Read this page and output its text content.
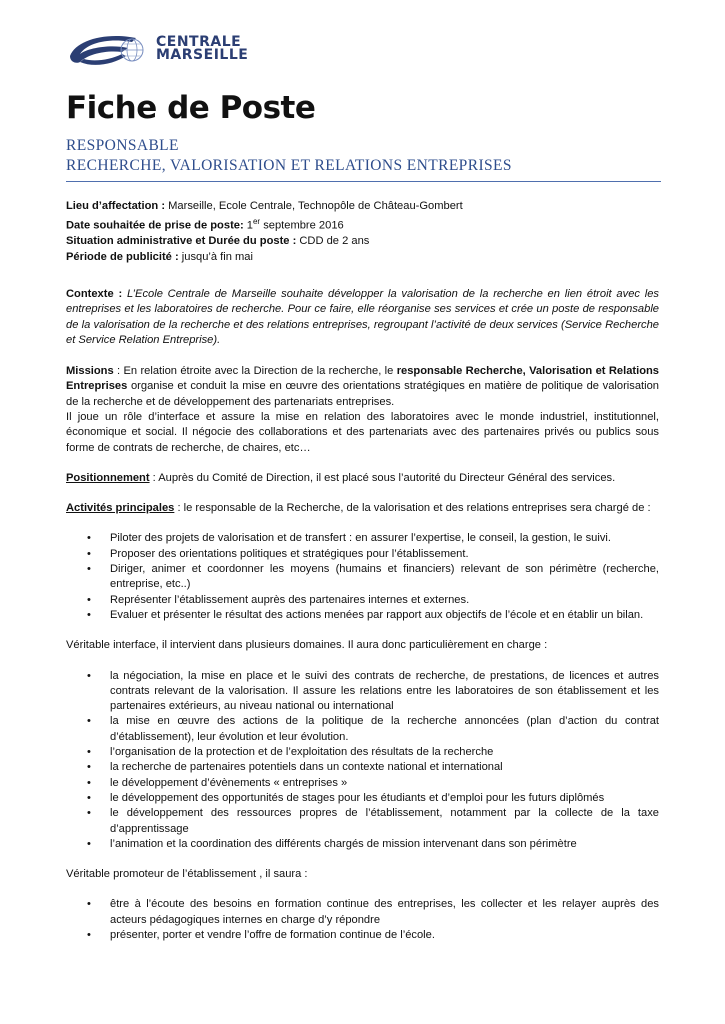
CENTRALE
MARSEILLE
Fiche de Poste
RESPONSABLE
RECHERCHE, VALORISATION ET RELATIONS ENTREPRISES

Lieu d’affectation : Marseille, Ecole Centrale, Technopôle de Château-Gombert

Date souhaitée de prise de poste: 1er septembre 2016

Situation administrative et Durée du poste : CDD de 2 ans

Période de publicité : jusqu’à fin mai

Contexte : L’Ecole Centrale de Marseille souhaite développer la valorisation de la recherche en lien étroit avec les entreprises et les laboratoires de recherche. Pour ce faire, elle réorganise ses services et crée un poste de responsable de la valorisation de la recherche et des relations entreprises, regroupant l’activité de deux services (Service Recherche et Service Relation Entreprise).

Missions : En relation étroite avec la Direction de la recherche, le responsable Recherche, Valorisation et Relations Entreprises organise et conduit la mise en œuvre des orientations stratégiques en matière de politique de valorisation de la recherche et de développement des partenariats entreprises.

Il joue un rôle d’interface et assure la mise en relation des laboratoires avec le monde industriel, institutionnel, économique et social. Il négocie des collaborations et des partenariats avec des partenaires privés ou publics sous forme de contrats de recherche, de chaires, etc…

Positionnement : Auprès du Comité de Direction, il est placé sous l’autorité du Directeur Général des services.

Activités principales : le responsable de la Recherche, de la valorisation et des relations entreprises sera chargé de :

• Piloter des projets de valorisation et de transfert : en assurer l’expertise, le conseil, la gestion, le suivi.
• Proposer des orientations politiques et stratégiques pour l’établissement.
• Diriger, animer et coordonner les moyens (humains et financiers) relevant de son périmètre (recherche, entreprise, etc..)
• Représenter l’établissement auprès des partenaires internes et externes.
• Evaluer et présenter le résultat des actions menées par rapport aux objectifs de l’école et en établir un bilan.

Véritable interface, il intervient dans plusieurs domaines. Il aura donc particulièrement en charge :

• la négociation, la mise en place et le suivi des contrats de recherche, de prestations, de licences et autres contrats relevant de la valorisation. Il assure les relations entre les laboratoires de son établissement et les partenaires extérieurs, au niveau national ou international
• la mise en œuvre des actions de la politique de la recherche annoncées (plan d’action du contrat d’établissement), leur évolution et leur évolution.
• l’organisation de la protection et de l’exploitation des résultats de la recherche
• la recherche de partenaires potentiels dans un contexte national et international
• le développement d’évènements « entreprises »
• le développement des opportunités de stages pour les étudiants et d’emploi pour les futurs diplômés
• le développement des ressources propres de l’établissement, notamment par la collecte de la taxe d’apprentissage
• l’animation et la coordination des différents chargés de mission intervenant dans son périmètre

Véritable promoteur de l’établissement , il saura :

• être à l’écoute des besoins en formation continue des entreprises, les collecter et les relayer auprès des acteurs pédagogiques internes en charge d’y répondre
• présenter, porter et vendre l’offre de formation continue de l’école.
